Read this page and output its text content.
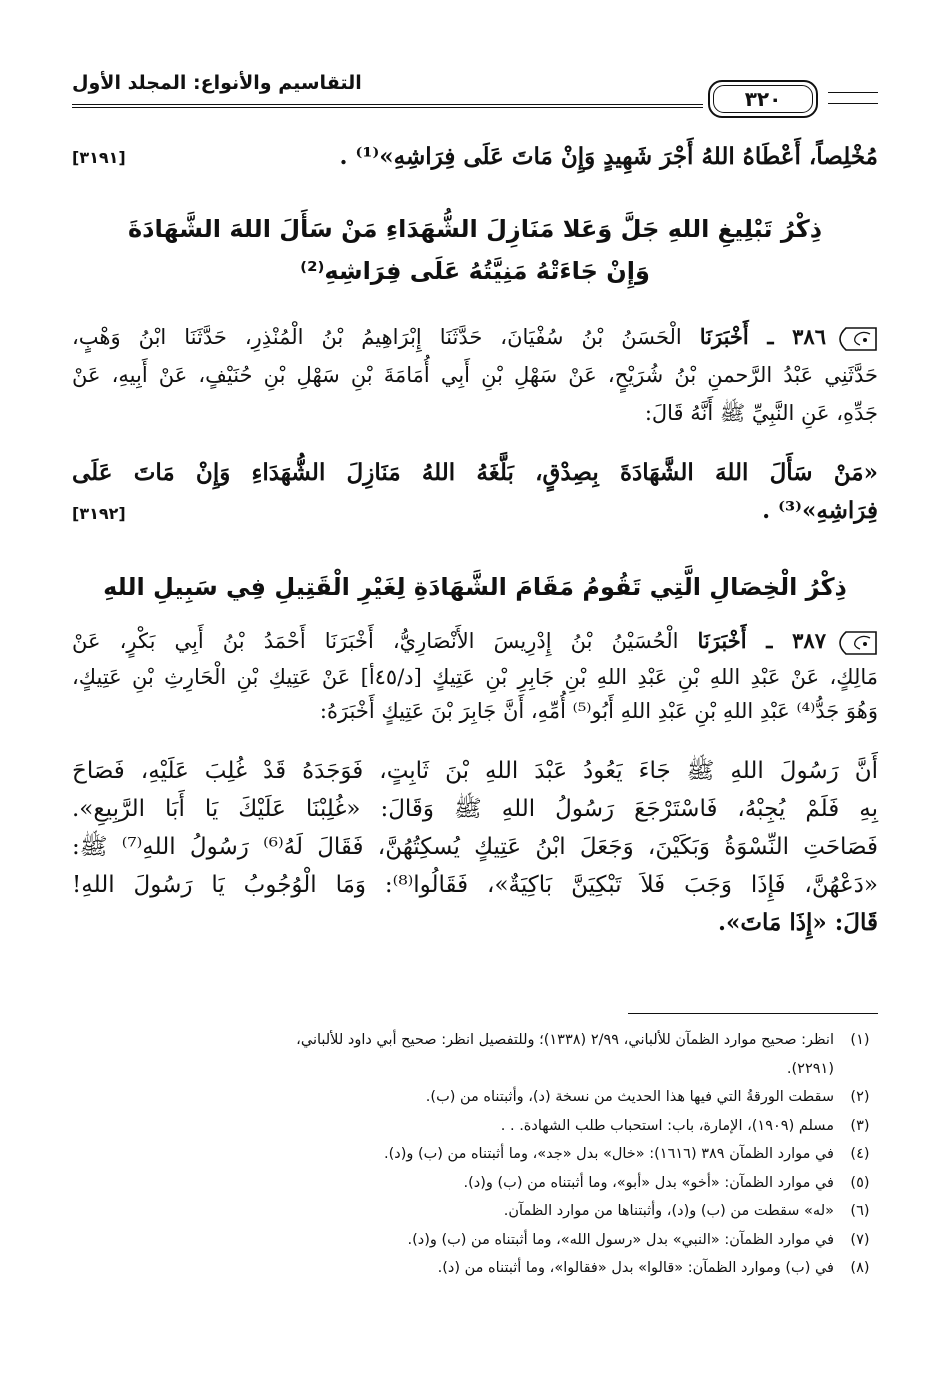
التقاسيم والأنواع: المجلد الأول
٣٢٠
[٣١٩١]	مُخْلِصاً، أَعْطَاهُ اللهُ أَجْرَ شَهِيدٍ وَإِنْ مَاتَ عَلَى فِرَاشِهِ»⁽¹⁾ .
ذِكْرُ تَبْلِيغِ اللهِ جَلَّ وَعَلا مَنَازِلَ الشُّهَدَاءِ مَنْ سَأَلَ اللهَ الشَّهَادَةَ
وَإِنْ جَاءَتْهُ مَنِيَّتُهُ عَلَى فِرَاشِهِ⁽²⁾
٣٨٦ ـ أَخْبَرَنَا الْحَسَنُ بْنُ سُفْيَانَ، حَدَّثَنَا إِبْرَاهِيمُ بْنُ الْمُنْذِرِ، حَدَّثَنَا ابْنُ وَهْبٍ،
حَدَّثَنِي عَبْدُ الرَّحمنِ بْنُ شُرَيْحٍ، عَنْ سَهْلِ بْنِ أَبِي أُمَامَةَ بْنِ سَهْلِ بْنِ حُنَيْفٍ، عَنْ أَبِيهِ، عَنْ
جَدِّهِ، عَنِ النَّبِيِّ ﷺ أَنَّهُ قَالَ:
«مَنْ سَأَلَ اللهَ الشَّهَادَةَ بِصِدْقٍ، بَلَّغَهُ اللهُ مَنَازِلَ الشُّهَدَاءِ وَإِنْ مَاتَ عَلَى
[٣١٩٢]	فِرَاشِهِ»⁽³⁾ .
ذِكْرُ الْخِصَالِ الَّتِي تَقُومُ مَقَامَ الشَّهَادَةِ لِغَيْرِ الْقَتِيلِ فِي سَبِيلِ اللهِ
٣٨٧ ـ أَخْبَرَنَا الْحُسَيْنُ بْنُ إِدْرِيسَ الأَنْصَارِيُّ، أَخْبَرَنَا أَحْمَدُ بْنُ أَبِي بَكْرٍ، عَنْ
مَالِكٍ، عَنْ عَبْدِ اللهِ بْنِ عَبْدِ اللهِ بْنِ جَابِرِ بْنِ عَتِيكٍ [د/٤٥أ] عَنْ عَتِيكِ بْنِ الْحَارِثِ بْنِ عَتِيكٍ،
وَهُوَ جَدُّ⁽⁴⁾ عَبْدِ اللهِ بْنِ عَبْدِ اللهِ أَبُو⁽⁵⁾ أُمِّهِ، أَنَّ جَابِرَ بْنَ عَتِيكٍ أَخْبَرَهُ:
أَنَّ رَسُولَ اللهِ ﷺ جَاءَ يَعُودُ عَبْدَ اللهِ بْنَ ثَابِتٍ، فَوَجَدَهُ قَدْ غُلِبَ عَلَيْهِ، فَصَاحَ
بِهِ فَلَمْ يُجِبْهُ، فَاسْتَرْجَعَ رَسُولُ اللهِ ﷺ وَقَالَ: «غُلِبْنَا عَلَيْكَ يَا أَبَا الرَّبِيعِ».
فَصَاحَتِ النِّسْوَةُ وَبَكَيْنَ، وَجَعَلَ ابْنُ عَتِيكٍ يُسكِتُهُنَّ، فَقَالَ لَهُ⁽⁶⁾ رَسُولُ اللهِ⁽⁷⁾ ﷺ:
«دَعْهُنَّ، فَإِذَا وَجَبَ فَلاَ تَبْكِيَنَّ بَاكِيَةٌ»، فَقَالُوا⁽⁸⁾: وَمَا الْوُجُوبُ يَا رَسُولَ اللهِ!
قَالَ: «إِذَا مَاتَ».
(١)
انظر: صحيح موارد الظمآن للألباني، ٢/٩٩ (١٣٣٨)؛ وللتفصيل انظر: صحيح أبي داود للألباني،
(٢٢٩١).
(٢)
سقطت الورقةُ التي فيها هذا الحديث من نسخة (د)، وأثبتناه من (ب).
(٣)
مسلم (١٩٠٩)، الإمارة، باب: استحباب طلب الشهادة. . .
(٤)
في موارد الظمآن ٣٨٩ (١٦١٦): «خال» بدل «جد»، وما أثبتناه من (ب) و(د).
(٥)
في موارد الظمآن: «أخو» بدل «أبو»، وما أثبتناه من (ب) و(د).
(٦)
«له» سقطت من (ب) و(د)، وأثبتناها من موارد الظمآن.
(٧)
في موارد الظمآن: «النبي» بدل «رسول الله»، وما أثبتناه من (ب) و(د).
(٨)
في (ب) وموارد الظمآن: «قالوا» بدل «فقالوا»، وما أثبتناه من (د).
